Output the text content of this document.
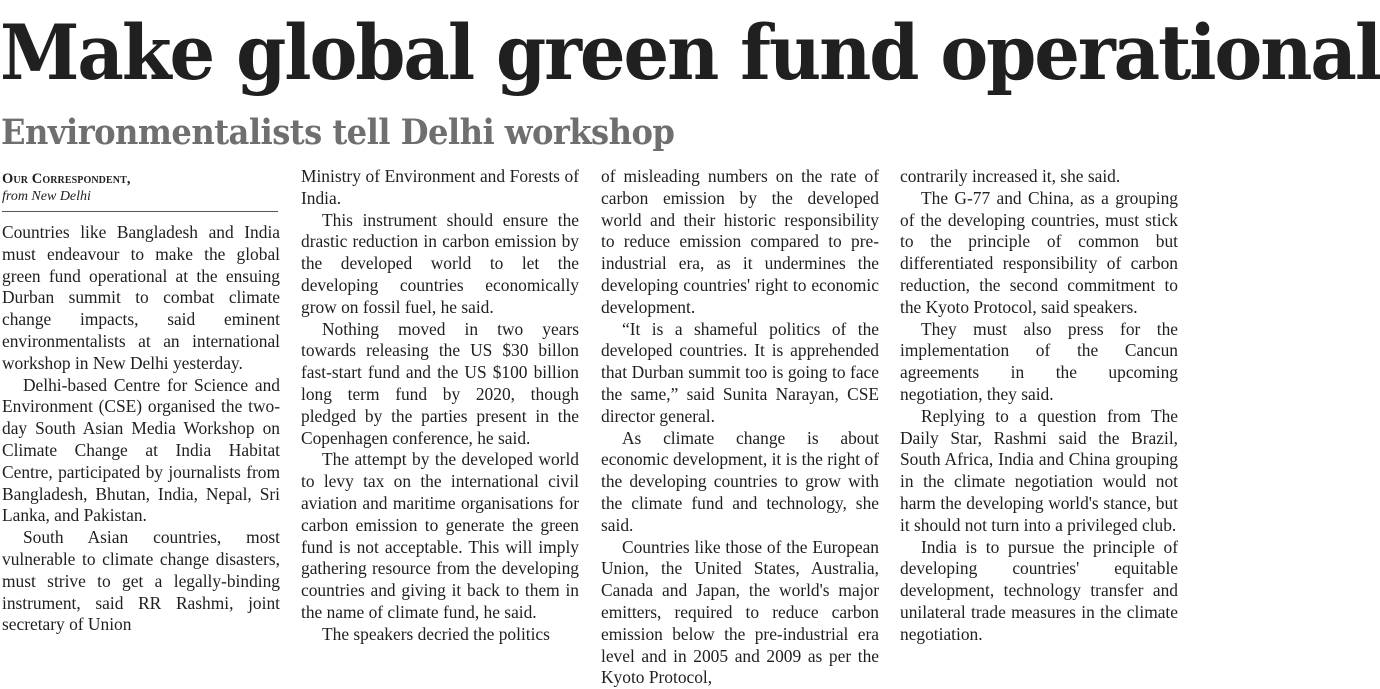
Make global green fund operational
Environmentalists tell Delhi workshop
Our Correspondent,
from New Delhi

Countries like Bangladesh and India must endeavour to make the global green fund operational at the ensuing Durban summit to combat climate change impacts, said eminent environmentalists at an international workshop in New Delhi yesterday.

Delhi-based Centre for Science and Environment (CSE) organised the two-day South Asian Media Workshop on Climate Change at India Habitat Centre, participated by journalists from Bangladesh, Bhutan, India, Nepal, Sri Lanka, and Pakistan.

South Asian countries, most vulnerable to climate change disasters, must strive to get a legally-binding instrument, said RR Rashmi, joint secretary of Union

Ministry of Environment and Forests of India.

This instrument should ensure the drastic reduction in carbon emission by the developed world to let the developing countries economically grow on fossil fuel, he said.

Nothing moved in two years towards releasing the US $30 billon fast-start fund and the US $100 billion long term fund by 2020, though pledged by the parties present in the Copenhagen conference, he said.

The attempt by the developed world to levy tax on the international civil aviation and maritime organisations for carbon emission to generate the green fund is not acceptable. This will imply gathering resource from the developing countries and giving it back to them in the name of climate fund, he said.

The speakers decried the politics

of misleading numbers on the rate of carbon emission by the developed world and their historic responsibility to reduce emission compared to pre-industrial era, as it undermines the developing countries' right to economic development.

“It is a shameful politics of the developed countries. It is apprehended that Durban summit too is going to face the same,” said Sunita Narayan, CSE director general.

As climate change is about economic development, it is the right of the developing countries to grow with the climate fund and technology, she said.

Countries like those of the European Union, the United States, Australia, Canada and Japan, the world's major emitters, required to reduce carbon emission below the pre-industrial era level and in 2005 and 2009 as per the Kyoto Protocol,

contrarily increased it, she said.

The G-77 and China, as a grouping of the developing countries, must stick to the principle of common but differentiated responsibility of carbon reduction, the second commitment to the Kyoto Protocol, said speakers.

They must also press for the implementation of the Cancun agreements in the upcoming negotiation, they said.

Replying to a question from The Daily Star, Rashmi said the Brazil, South Africa, India and China grouping in the climate negotiation would not harm the developing world's stance, but it should not turn into a privileged club.

India is to pursue the principle of developing countries' equitable development, technology transfer and unilateral trade measures in the climate negotiation.
